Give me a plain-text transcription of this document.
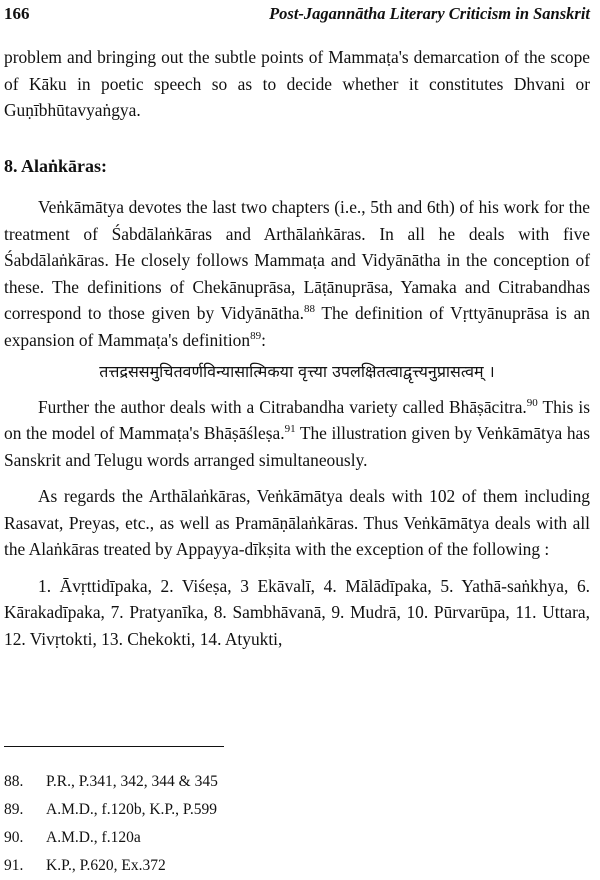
166	Post-Jagannātha Literary Criticism in Sanskrit

problem and bringing out the subtle points of Mammaṭa's demarcation of the scope of Kāku in poetic speech so as to decide whether it constitutes Dhvani or Guṇībhūtavyaṅgya.

8. Alaṅkāras:

Veṅkāmātya devotes the last two chapters (i.e., 5th and 6th) of his work for the treatment of Śabdālaṅkāras and Arthālaṅkāras. In all he deals with five Śabdālaṅkāras. He closely follows Mammaṭa and Vidyānātha in the conception of these. The definitions of Chekānuprāsa, Lāṭānuprāsa, Yamaka and Citrabandhas correspond to those given by Vidyānātha.$^{88}$ The definition of Vṛttyānuprāsa is an expansion of Mammaṭa's definition$^{89}$:

तत्तद्रससमुचितवर्णविन्यासात्मिकया वृत्त्या उपलक्षितत्वाद्वृत्त्यनुप्रासत्वम् ।

Further the author deals with a Citrabandha variety called Bhāṣācitra.$^{90}$ This is on the model of Mammaṭa's Bhāṣāśleṣa.$^{91}$ The illustration given by Veṅkāmātya has Sanskrit and Telugu words arranged simultaneously.

As regards the Arthālaṅkāras, Veṅkāmātya deals with 102 of them including Rasavat, Preyas, etc., as well as Pramāṇālaṅkāras. Thus Veṅkāmātya deals with all the Alaṅkāras treated by Appayya-dīkṣita with the exception of the following :

1. Āvṛttidīpaka, 2. Viśeṣa, 3 Ekāvalī, 4. Mālādīpaka, 5. Yathā-saṅkhya, 6. Kārakadīpaka, 7. Pratyanīka, 8. Sambhāvanā, 9. Mudrā, 10. Pūrvarūpa, 11. Uttara, 12. Vivṛtokti, 13. Chekokti, 14. Atyukti,

88.	P.R., P.341, 342, 344 & 345
89.	A.M.D., f.120b, K.P., P.599
90.	A.M.D., f.120a
91.	K.P., P.620, Ex.372
